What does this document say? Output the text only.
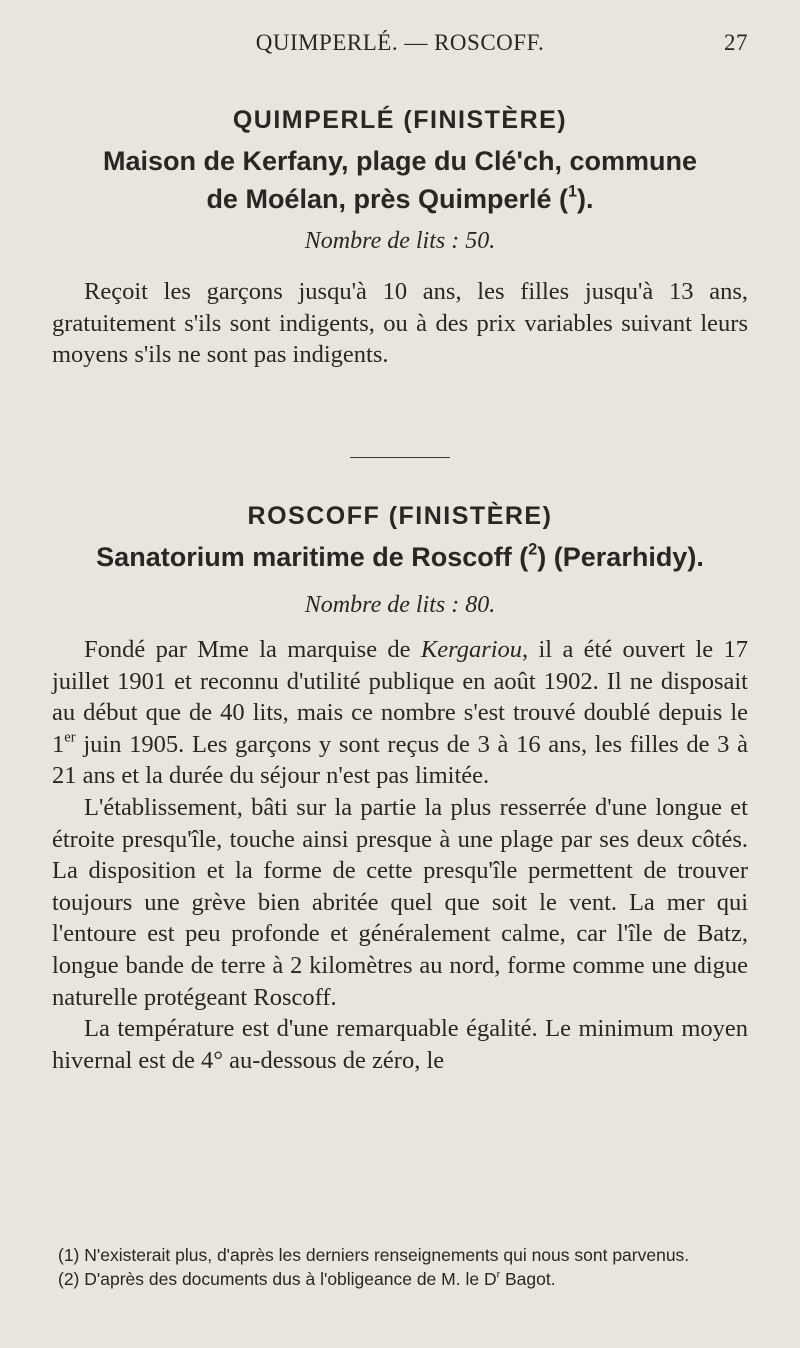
QUIMPERLÉ. — ROSCOFF.	27
QUIMPERLÉ (FINISTÈRE)
Maison de Kerfany, plage du Clé'ch, commune
de Moélan, près Quimperlé ($^1$).
Nombre de lits : 50.

Reçoit les garçons jusqu'à 10 ans, les filles jusqu'à 13 ans, gratuitement s'ils sont indigents, ou à des prix variables suivant leurs moyens s'ils ne sont pas indigents.

ROSCOFF (FINISTÈRE)
Sanatorium maritime de Roscoff ($^2$) (Perarhidy).
Nombre de lits : 80.

Fondé par Mme la marquise de Kergariou, il a été ouvert le 17 juillet 1901 et reconnu d'utilité publique en août 1902. Il ne disposait au début que de 40 lits, mais ce nombre s'est trouvé doublé depuis le 1er juin 1905. Les garçons y sont reçus de 3 à 16 ans, les filles de 3 à 21 ans et la durée du séjour n'est pas limitée.

L'établissement, bâti sur la partie la plus resserrée d'une longue et étroite presqu'île, touche ainsi presque à une plage par ses deux côtés. La disposition et la forme de cette presqu'île permettent de trouver toujours une grève bien abritée quel que soit le vent. La mer qui l'entoure est peu profonde et généralement calme, car l'île de Batz, longue bande de terre à 2 kilomètres au nord, forme comme une digue naturelle protégeant Roscoff.

La température est d'une remarquable égalité. Le minimum moyen hivernal est de 4° au-dessous de zéro, le

(1) N'existerait plus, d'après les derniers renseignements qui nous sont parvenus.

(2) D'après des documents dus à l'obligeance de M. le $D^r$ Bagot.
